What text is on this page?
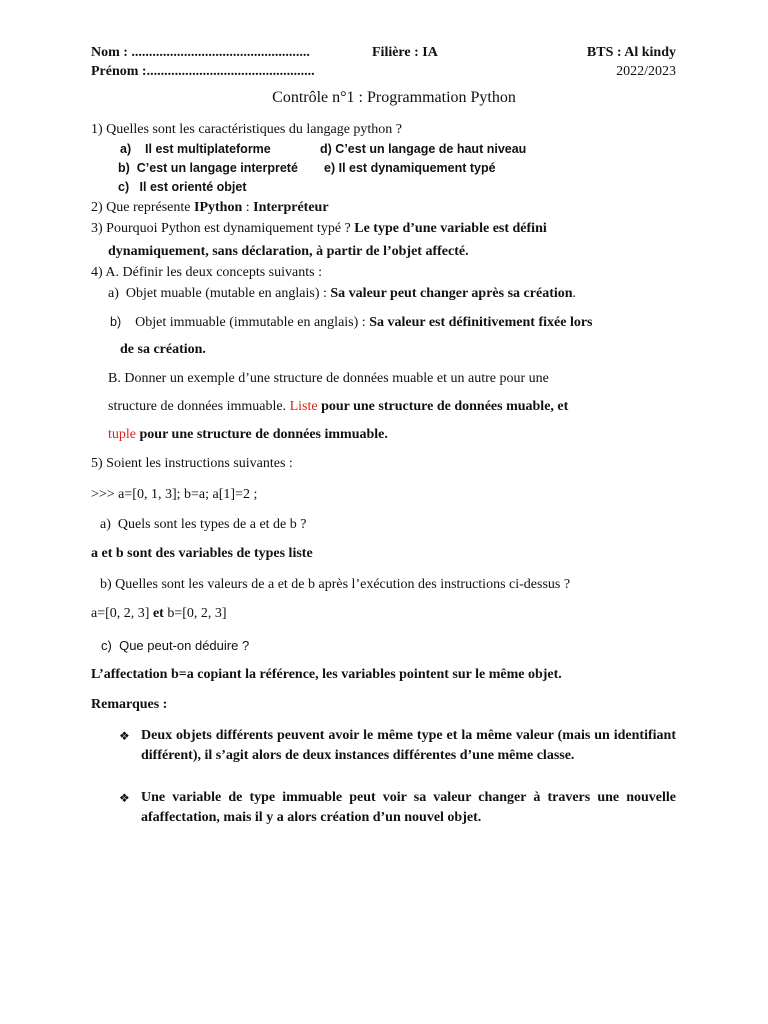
Nom : ...................................................
Prénom :................................................
Filière : IA	BTS : Al kindy
2022/2023
Contrôle n°1 : Programmation Python
1) Quelles sont les caractéristiques du langage python ?
a) Il est multiplateforme	d) C’est un langage de haut niveau
b) C’est un langage interpreté e) Il est dynamiquement typé
c) Il est orienté objet
2) Que représente IPython : Interpréteur
3) Pourquoi Python est dynamiquement typé ? Le type d’une variable est défini
dynamiquement, sans déclaration, à partir de l’objet affecté.
4) A. Définir les deux concepts suivants :
a) Objet muable (mutable en anglais) : Sa valeur peut changer après sa création.
b) Objet immuable (immutable en anglais) : Sa valeur est définitivement fixée lors
de sa création.
B. Donner un exemple d’une structure de données muable et un autre pour une
structure de données immuable. Liste pour une structure de données muable, et
tuple pour une structure de données immuable.
5) Soient les instructions suivantes :
>>> a=[0, 1, 3]; b=a; a[1]=2 ;
a) Quels sont les types de a et de b ?
a et b sont des variables de types liste
b) Quelles sont les valeurs de a et de b après l’exécution des instructions ci-dessus ?
a=[0, 2, 3] et b=[0, 2, 3]
c) Que peut-on déduire ?
L’affectation b=a copiant la référence, les variables pointent sur le même objet.
Remarques :
❖ Deux objets différents peuvent avoir le même type et la même valeur (mais un identifiant différent), il s’agit alors de deux instances différentes d’une même classe.
❖ Une variable de type immuable peut voir sa valeur changer à travers une nouvelle afaffectation, mais il y a alors création d’un nouvel objet.
